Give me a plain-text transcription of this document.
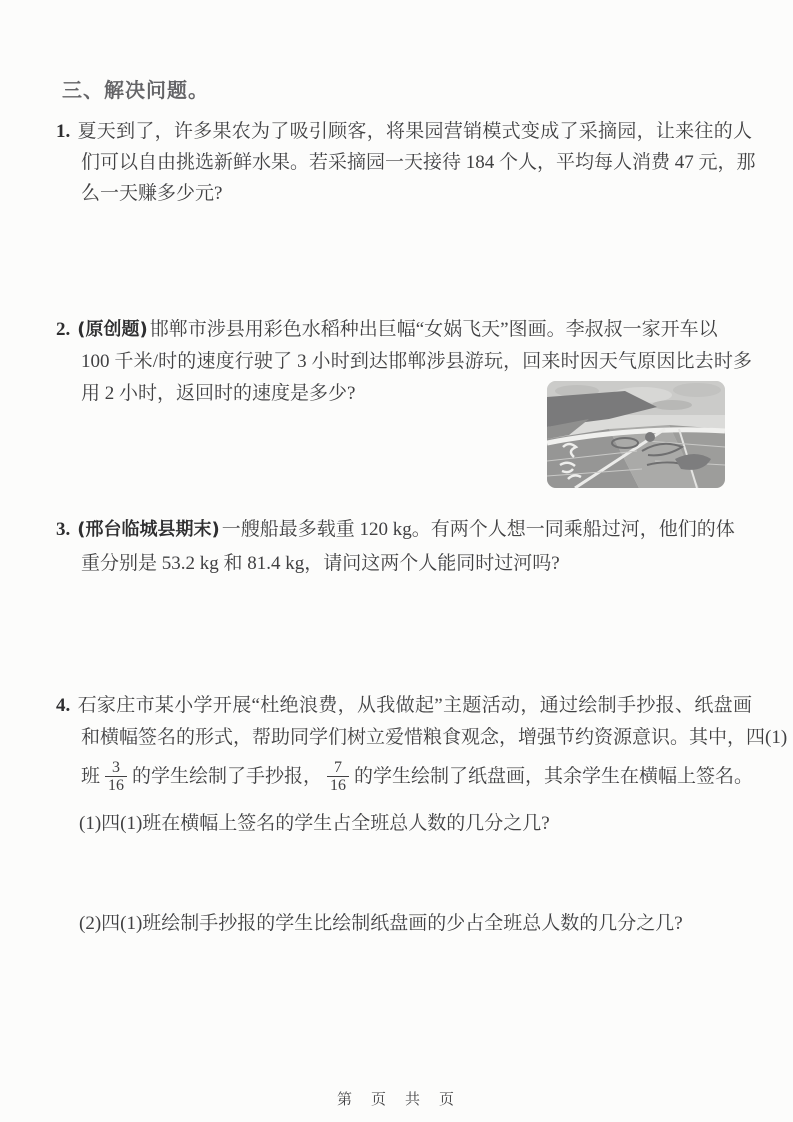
三、解决问题。
1. 夏天到了，许多果农为了吸引顾客，将果园营销模式变成了采摘园，让来往的人
们可以自由挑选新鲜水果。若采摘园一天接待 184 个人，平均每人消费 47 元，那
么一天赚多少元?
2. (原创题) 邯郸市涉县用彩色水稻种出巨幅“女娲飞天”图画。李叔叔一家开车以
100 千米/时的速度行驶了 3 小时到达邯郸涉县游玩，回来时因天气原因比去时多
用 2 小时，返回时的速度是多少?
3. (邢台临城县期末) 一艘船最多载重 120 kg。有两个人想一同乘船过河，他们的体
重分别是 53.2 kg 和 81.4 kg，请问这两个人能同时过河吗?
4. 石家庄市某小学开展“杜绝浪费，从我做起”主题活动，通过绘制手抄报、纸盘画
和横幅签名的形式，帮助同学们树立爱惜粮食观念，增强节约资源意识。其中，四(1)
班 $\frac{3}{16}$ 的学生绘制了手抄报， $\frac{7}{16}$ 的学生绘制了纸盘画，其余学生在横幅上签名。
(1)四(1)班在横幅上签名的学生占全班总人数的几分之几?
(2)四(1)班绘制手抄报的学生比绘制纸盘画的少占全班总人数的几分之几?
第　页　共　页
